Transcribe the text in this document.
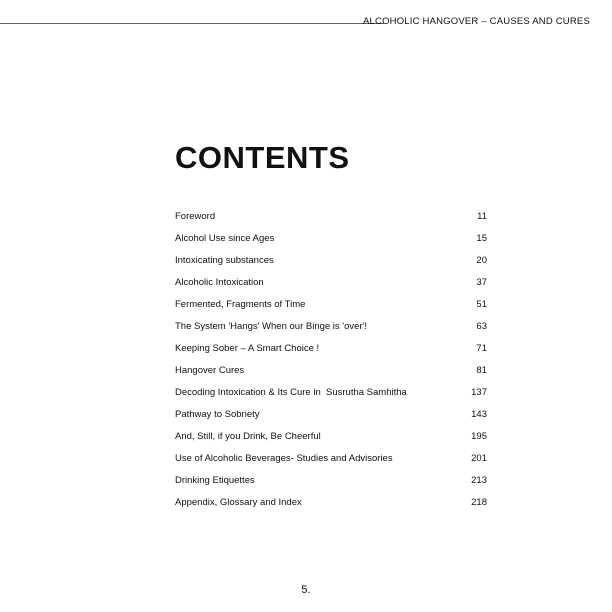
ALCOHOLIC HANGOVER – CAUSES AND CURES
CONTENTS
Foreword	11
Alcohol Use since Ages	15
Intoxicating substances	20
Alcoholic Intoxication	37
Fermented, Fragments of Time	51
The System 'Hangs' When our Binge is 'over'!	63
Keeping Sober – A Smart Choice !	71
Hangover Cures	81
Decoding Intoxication & Its Cure in  Susrutha Samhitha	137
Pathway to Sobriety	143
And, Still, if you Drink, Be Cheerful	195
Use of Alcoholic Beverages- Studies and Advisories	201
Drinking Etiquettes	213
Appendix, Glossary and Index	218
5.
